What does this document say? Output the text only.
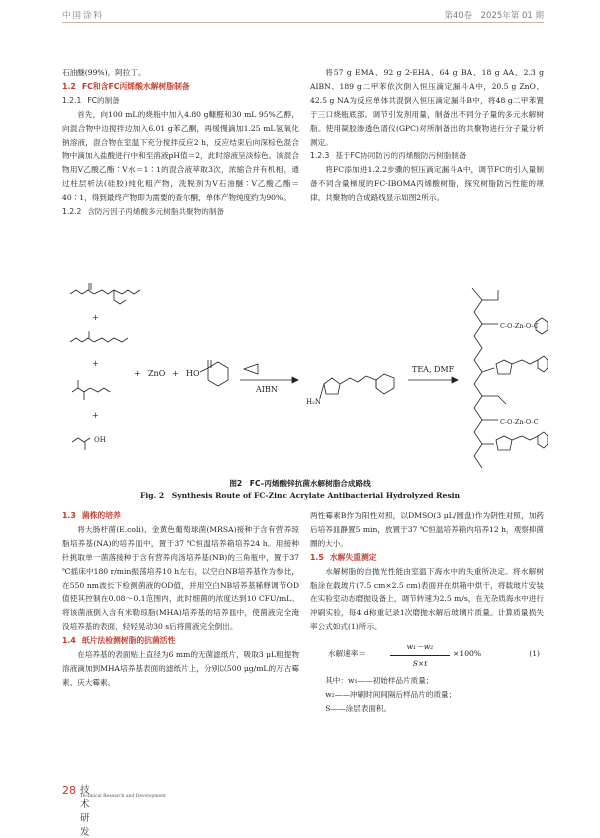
中国涂料	第40卷　2025年第 01 期

石油醚(99%)，阿拉丁。

1.2 FC和含FC丙烯酸水解树脂制备
1.2.1 FC的制备

首先，向100 mL的烧瓶中加入4.80 g糠醛和30 mL 95%乙醇，向混合物中边搅拌边加入6.01 g苯乙酮，再缓慢滴加1.25 mL氢氧化钠溶液，混合物在室温下充分搅拌反应2 h，反应结束后向深棕色混合物中滴加入盐酸进行中和至溶液pH值＝2，此时溶液呈淡棕色。该混合物用V乙酸乙酯∶V水＝1∶1的混合液萃取3次，浓缩合并有机相，通过柱层析法(硅胶)纯化粗产物，洗脱剂为V石油醚∶V乙酸乙酯＝40∶1，得到最终产物即为需要的查尔酮，单体产物纯度约为90%。

1.2.2 含防污因子丙烯酸多元树脂共聚物的制备

将57 g EMA、92 g 2-EHA、64 g BA、18 g AA、2.3 g AIBN、189 g二甲苯依次倒入恒压滴定漏斗A中，20.5 g ZnO、42.5 g NA为反应单体共混倒入恒压滴定漏斗B中，将48 g二甲苯置于三口烧瓶底部。调节引发剂用量，制备出不同分子量的多元水解树脂。使用凝胶渗透色谱仪(GPC)对所制备出的共聚物进行分子量分析测定。

1.2.3 基于FC协同防污的丙烯酸防污树脂制备

将FC添加进1.2.2步骤的恒压滴定漏斗A中，调节FC的引入量制备不同含量梯度的FC-IBOMA丙烯酸树脂，探究树脂防污性能的规律。共聚物的合成路线显示如图2所示。

+
+
+
OH
+ ZnO + HO
AIBN
H₂N
TEA, DMF
C-O-Zn-O-C
C-O-Zn-O-C
图2　FC–丙烯酸锌抗菌水解树脂合成路线
Fig. 2　Synthesis Route of FC-Zinc Acrylate Antibacterial Hydrolyzed Resin
1.3 菌株的培养

将大肠杆菌(E.coli)、金黄色葡萄球菌(MRSA)接种于含有营养琼脂培养基(NA)的培养皿中，置于37 ℃恒温培养箱培养24 h。用接种针挑取单一菌落接种于含有营养肉汤培养基(NB)的三角瓶中，置于37 ℃摇床中180 r/min振荡培养10 h左右，以空白NB培养基作为参比，在550 nm波长下检测菌液的OD值，并用空白NB培养基稀释调节OD值使其控制在0.08～0.1范围内，此时细菌的浓度达到10 CFU/mL。将该菌液倒入含有米勒琼脂(MHA)培养基的培养皿中，使菌液完全淹没培养基的表面，轻轻晃动30 s后将菌液完全倒出。

1.4 纸片法检测树脂的抗菌活性

在培养基的表面贴上直径为6 mm的无菌滤纸片，吸取3 μL粗提物溶液滴加到MHA培养基表面的滤纸片上，分别以500 μg/mL的万古霉素、庆大霉素、

两性霉素B作为阳性对照，以DMSO(3 μL/圆盘)作为阴性对照，加药后培养皿静置5 min，放置于37 ℃恒温培养箱内培养12 h，观察抑菌圈的大小。

1.5 水解失重测定

水解树脂的自抛光性能由室温下海水中的失重所决定。将水解树脂涂在载玻片(7.5 cm×2.5 cm)表面并在烘箱中烘干，将载玻片安装在实验室动态磨抛设备上，调节转速为2.5 m/s，在无杂质海水中进行冲刷实验，每4 d称重记录1次磨抛水解后玻璃片质量。计算质量损失率公式如式(1)所示。

水解速率＝
w₁－w₂
S×t
×100%	(1)

其中：w₁——初始样品片质量；

w₂——冲刷时间间隔后样品片的质量；

S——涂层表面积。

28 技术研发
Technical Research and Development
